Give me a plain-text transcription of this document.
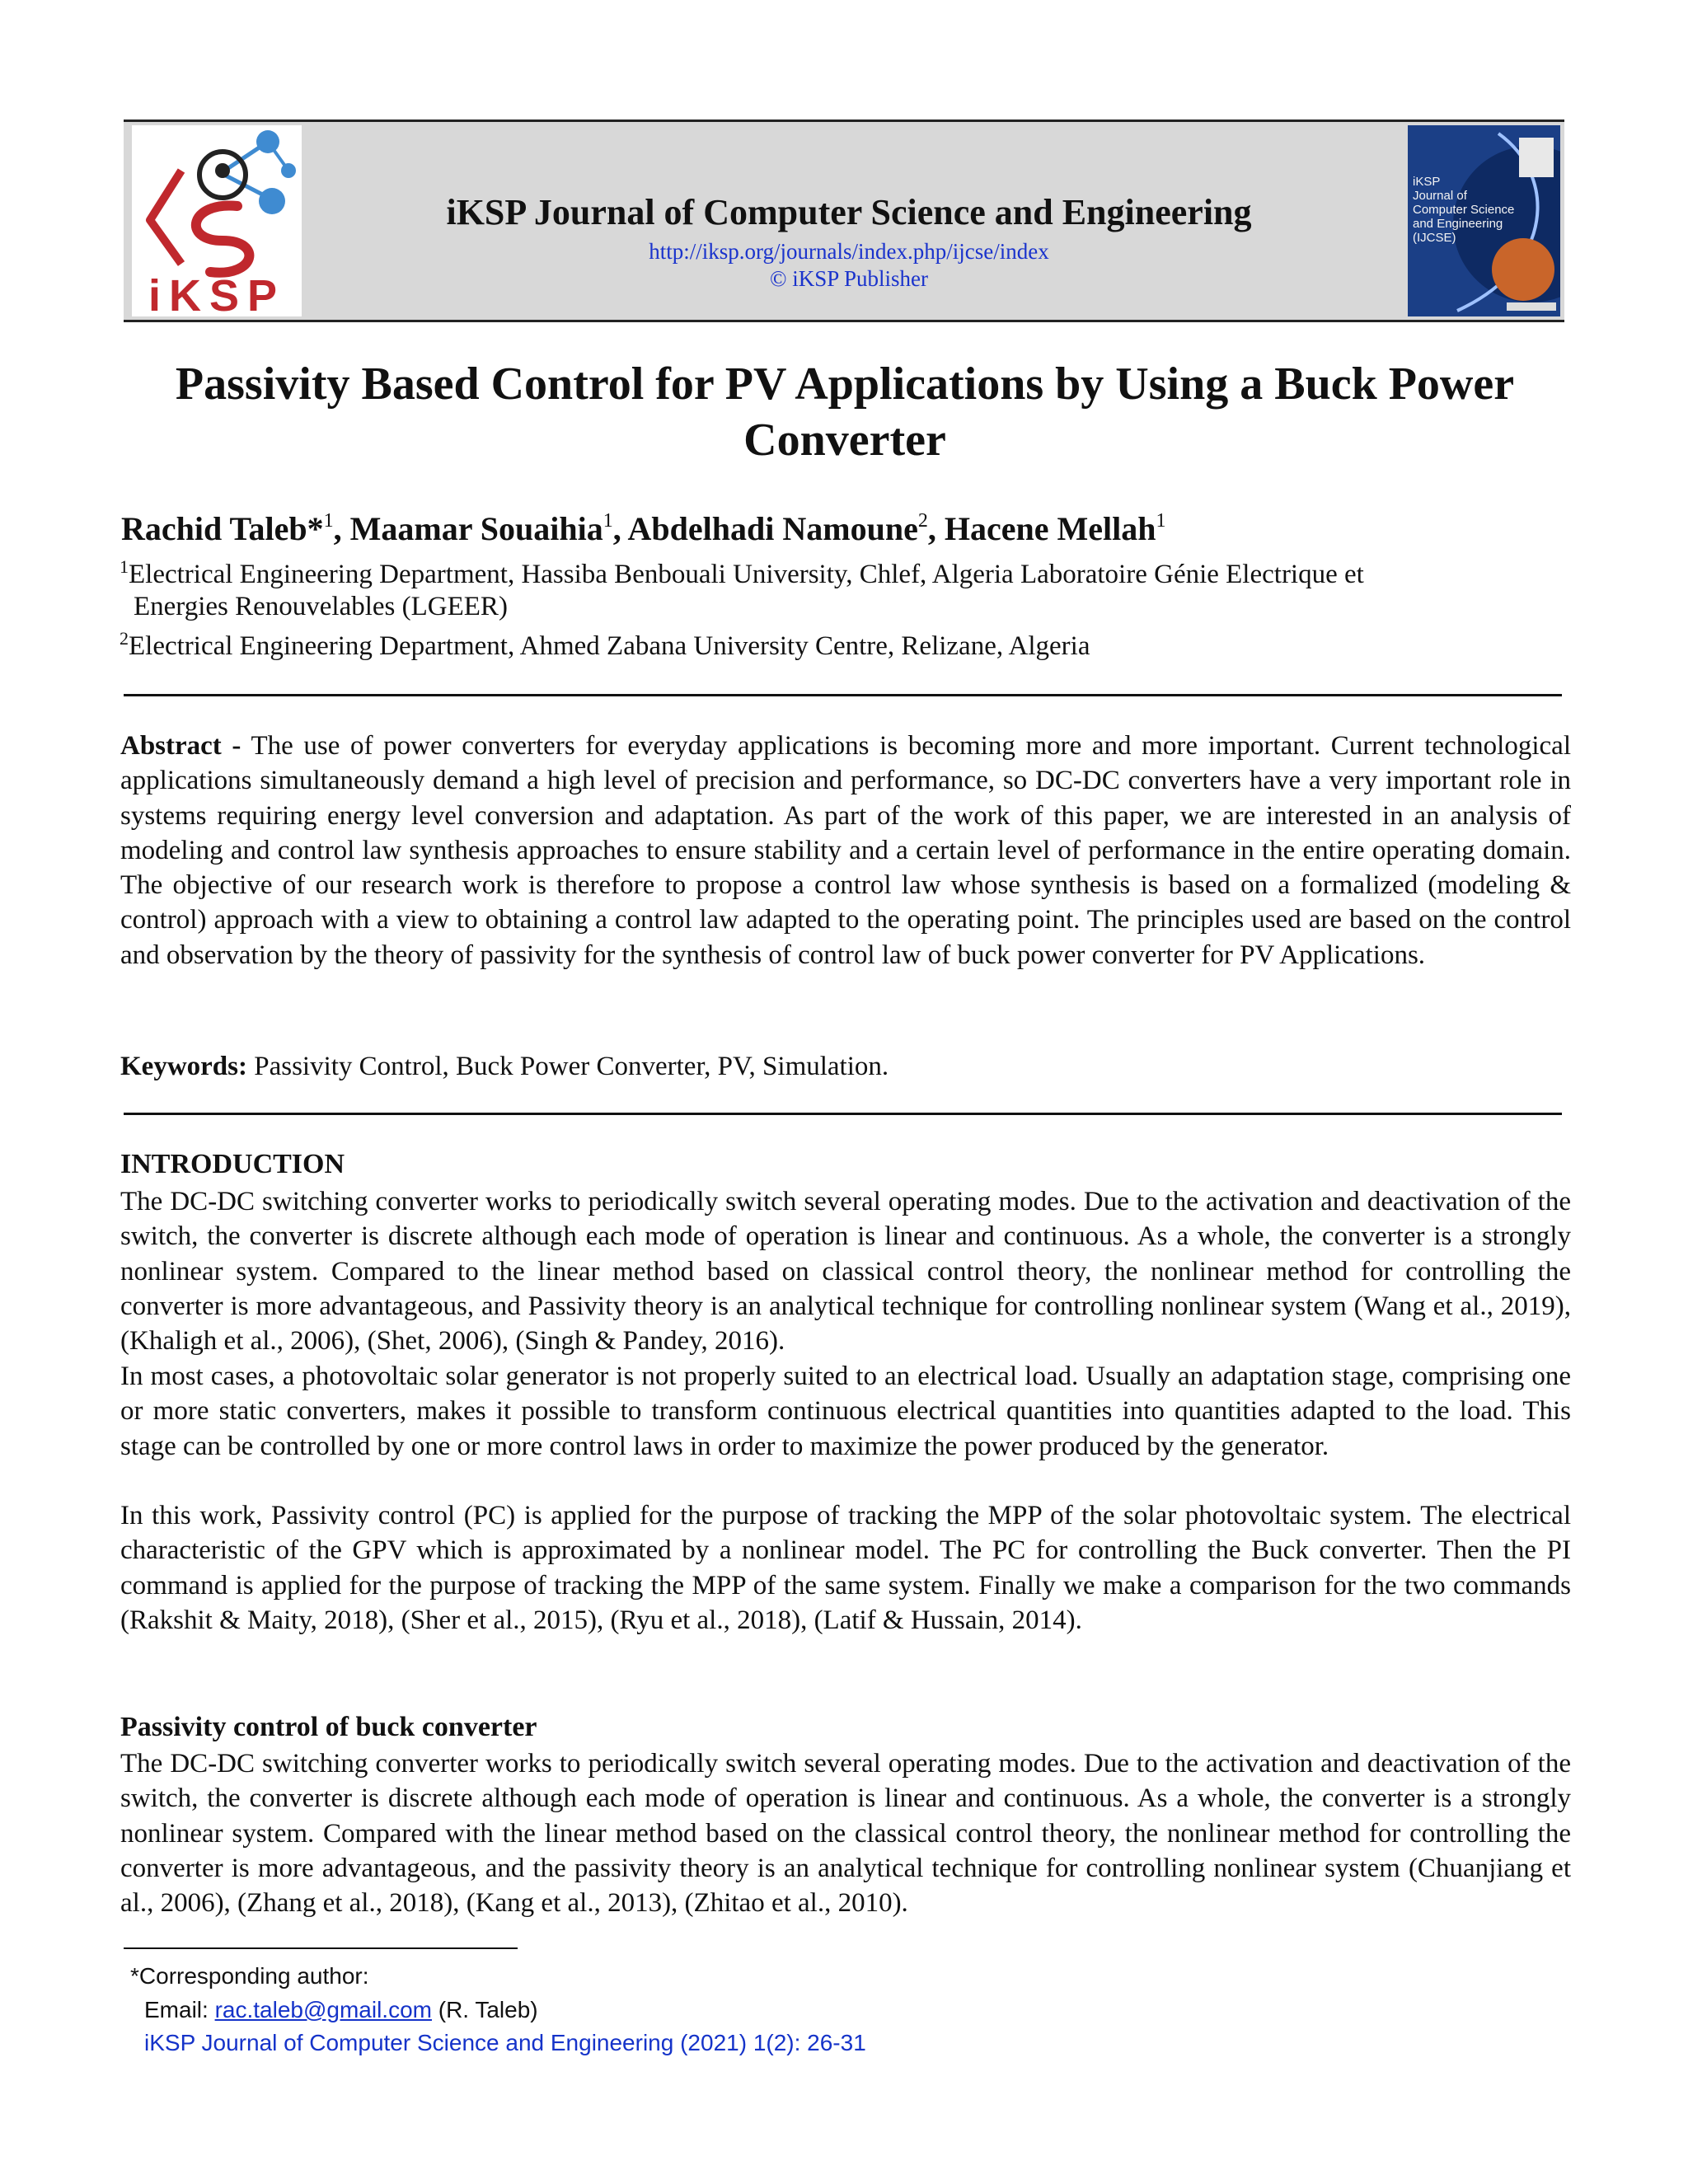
iKSP
iKSP Journal of Computer Science and Engineering
http://iksp.org/journals/index.php/ijcse/index
© iKSP Publisher
iKSP
Journal of
Computer Science
and Engineering
(IJCSE)
Passivity Based Control for PV Applications by Using a Buck Power Converter
Rachid Taleb*$^1$, Maamar Souaihia$^1$, Abdelhadi Namoune$^2$, Hacene Mellah$^1$
$^1$Electrical Engineering Department, Hassiba Benbouali University, Chlef, Algeria Laboratoire Génie Electrique et
Energies Renouvelables (LGEER)
$^2$Electrical Engineering Department, Ahmed Zabana University Centre, Relizane, Algeria

Abstract - The use of power converters for everyday applications is becoming more and more important. Current technological applications simultaneously demand a high level of precision and performance, so DC-DC converters have a very important role in systems requiring energy level conversion and adaptation. As part of the work of this paper, we are interested in an analysis of modeling and control law synthesis approaches to ensure stability and a certain level of performance in the entire operating domain. The objective of our research work is therefore to propose a control law whose synthesis is based on a formalized (modeling & control) approach with a view to obtaining a control law adapted to the operating point. The principles used are based on the control and observation by the theory of passivity for the synthesis of control law of buck power converter for PV Applications.

Keywords: Passivity Control, Buck Power Converter, PV, Simulation.

INTRODUCTION

The DC-DC switching converter works to periodically switch several operating modes. Due to the activation and deactivation of the switch, the converter is discrete although each mode of operation is linear and continuous. As a whole, the converter is a strongly nonlinear system. Compared to the linear method based on classical control theory, the nonlinear method for controlling the converter is more advantageous, and Passivity theory is an analytical technique for controlling nonlinear system (Wang et al., 2019), (Khaligh et al., 2006), (Shet, 2006), (Singh & Pandey, 2016).

In most cases, a photovoltaic solar generator is not properly suited to an electrical load. Usually an adaptation stage, comprising one or more static converters, makes it possible to transform continuous electrical quantities into quantities adapted to the load. This stage can be controlled by one or more control laws in order to maximize the power produced by the generator.

In this work, Passivity control (PC) is applied for the purpose of tracking the MPP of the solar photovoltaic system. The electrical characteristic of the GPV which is approximated by a nonlinear model. The PC for controlling the Buck converter. Then the PI command is applied for the purpose of tracking the MPP of the same system. Finally we make a comparison for the two commands (Rakshit & Maity, 2018), (Sher et al., 2015), (Ryu et al., 2018), (Latif & Hussain, 2014).

Passivity control of buck converter

The DC-DC switching converter works to periodically switch several operating modes. Due to the activation and deactivation of the switch, the converter is discrete although each mode of operation is linear and continuous. As a whole, the converter is a strongly nonlinear system. Compared with the linear method based on the classical control theory, the nonlinear method for controlling the converter is more advantageous, and the passivity theory is an analytical technique for controlling nonlinear system (Chuanjiang et al., 2006), (Zhang et al., 2018), (Kang et al., 2013), (Zhitao et al., 2010).

*Corresponding author:
Email: rac.taleb@gmail.com (R. Taleb)
iKSP Journal of Computer Science and Engineering (2021) 1(2): 26-31
